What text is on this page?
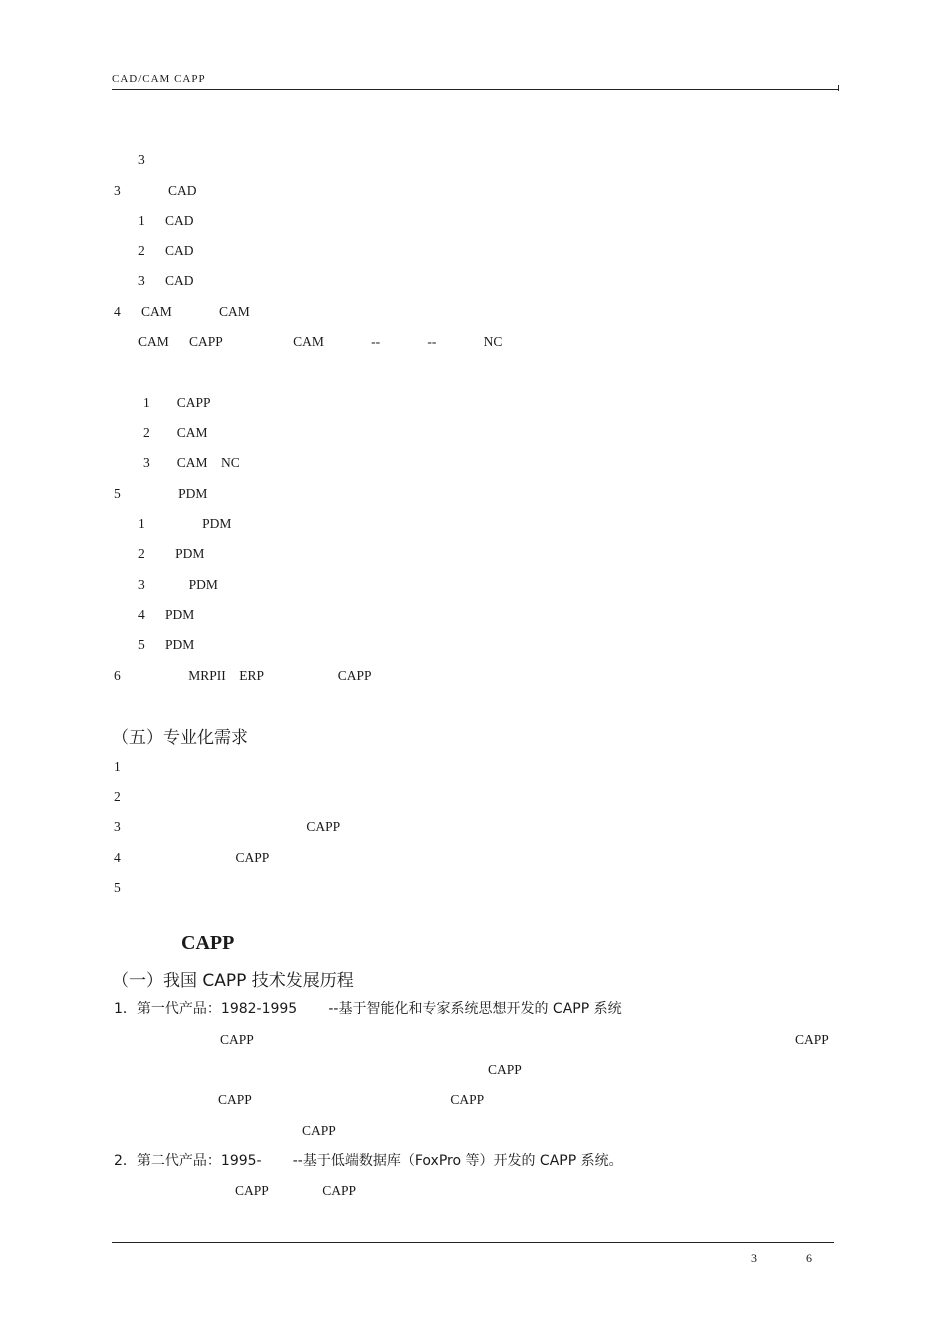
CAD/CAM CAPP
3
3              CAD
1      CAD
2      CAD
3      CAD
4      CAM              CAM
CAM      CAPP                     CAM              --              --              NC
1        CAPP
2        CAM
3        CAM    NC
5                 PDM
1                 PDM
2         PDM
3             PDM
4      PDM
5      PDM
6                    MRPII    ERP                      CAPP
（五）专业化需求
1
2
3                                                       CAPP
4                                  CAPP
5
CAPP
（一）我国 CAPP 技术发展历程
1．第一代产品：1982-1995       --基于智能化和专家系统思想开发的 CAPP 系统
CAPP	CAPP
CAPP
CAPP                                                           CAPP
CAPP
2．第二代产品：1995-       --基于低端数据库（FoxPro 等）开发的 CAPP 系统。
CAPP                CAPP
3	6
